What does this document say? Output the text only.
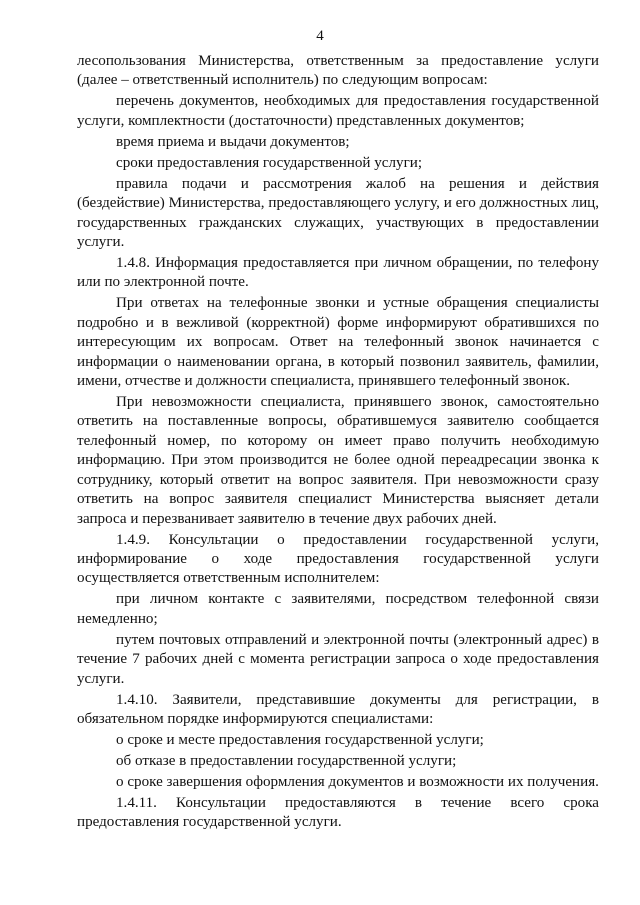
4

лесопользования Министерства, ответственным за предоставление услуги (далее – ответственный исполнитель) по следующим вопросам:

перечень документов, необходимых для предоставления государственной услуги, комплектности (достаточности) представленных документов;

время приема и выдачи документов;

сроки предоставления государственной услуги;

правила подачи и рассмотрения жалоб на решения и действия (бездействие) Министерства, предоставляющего услугу, и его должностных лиц, государственных гражданских служащих, участвующих в предоставлении услуги.

1.4.8. Информация предоставляется при личном обращении, по телефону или по электронной почте.

При ответах на телефонные звонки и устные обращения специалисты подробно и в вежливой (корректной) форме информируют обратившихся по интересующим их вопросам. Ответ на телефонный звонок начинается с информации о наименовании органа, в который позвонил заявитель, фамилии, имени, отчестве и должности специалиста, принявшего телефонный звонок.

При невозможности специалиста, принявшего звонок, самостоятельно ответить на поставленные вопросы, обратившемуся заявителю сообщается телефонный номер, по которому он имеет право получить необходимую информацию. При этом производится не более одной переадресации звонка к сотруднику, который ответит на вопрос заявителя. При невозможности сразу ответить на вопрос заявителя специалист Министерства выясняет детали запроса и перезванивает заявителю в течение двух рабочих дней.

1.4.9. Консультации о предоставлении государственной услуги, информирование о ходе предоставления государственной услуги осуществляется ответственным исполнителем:

при личном контакте с заявителями, посредством телефонной связи немедленно;

путем почтовых отправлений и электронной почты (электронный адрес) в течение 7 рабочих дней с момента регистрации запроса о ходе предоставления услуги.

1.4.10. Заявители, представившие документы для регистрации, в обязательном порядке информируются специалистами:

о сроке и месте предоставления государственной услуги;

об отказе в предоставлении государственной услуги;

о сроке завершения оформления документов и возможности их получения.

1.4.11. Консультации предоставляются в течение всего срока предоставления государственной услуги.
